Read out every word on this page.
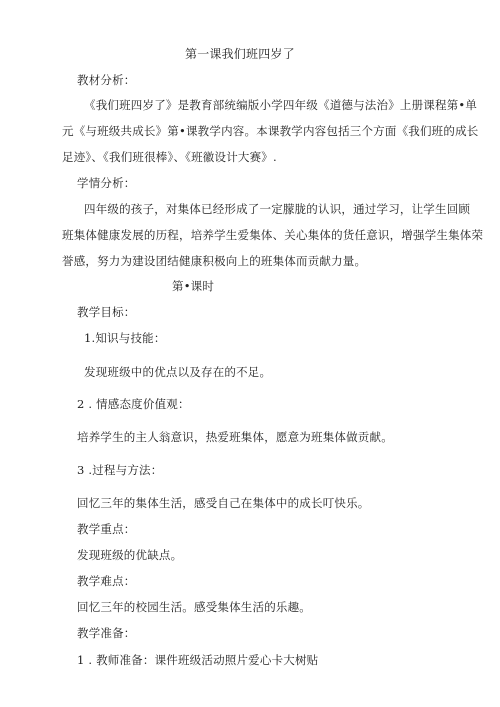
第一课我们班四岁了
教材分析：
《我们班四岁了》是教育部统编版小学四年级《道德与法治》上册课程第•单
元《与班级共成长》第•课教学内容。本课教学内容包括三个方面《我们班的成长
足迹》、《我们班很棒》、《班徽设计大赛》.
学情分析：
四年级的孩子，对集体已经形成了一定朦胧的认识，通过学习，让学生回顾
班集体健康发展的历程，培养学生爱集体、关心集体的货任意识，增强学生集体荣
誉感，努力为建设团结健康积极向上的班集体而贡献力量。
第•课时
教学目标：
1.知识与技能：
发现班级中的优点以及存在的不足。
2 . 情感态度价值观：
培养学生的主人翁意识，热爱班集体，愿意为班集体做贡献。
3 .过程与方法：
回忆三年的集体生活，感受自己在集体中的成长叮快乐。
教学重点：
发现班级的优缺点。
教学难点：
回忆三年的校园生活。感受集体生活的乐趣。
教学准备：
1 . 教师准备：课件班级活动照片爱心卡大树贴
